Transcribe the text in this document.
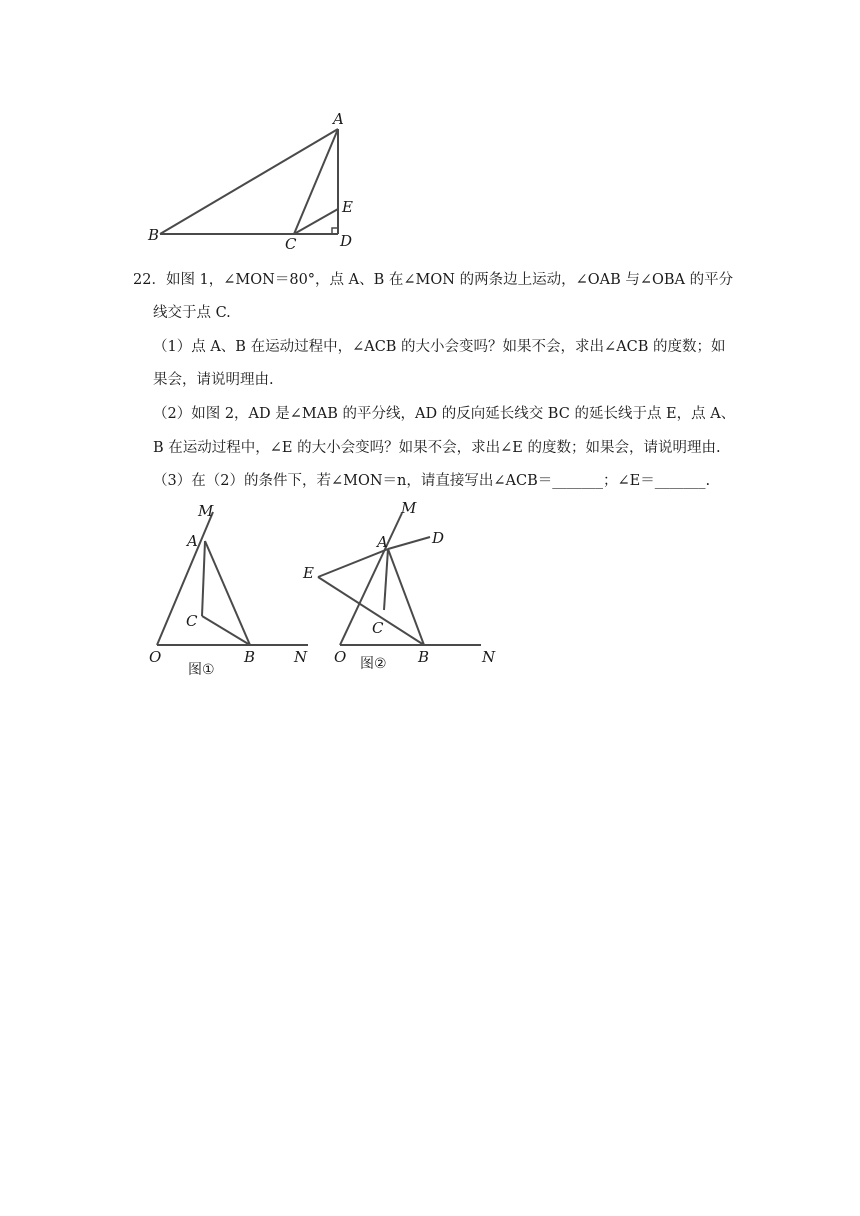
A
B	C	D
E
22．如图 1，∠MON＝80°，点 A、B 在∠MON 的两条边上运动，∠OAB 与∠OBA 的平分
线交于点 C.
（1）点 A、B 在运动过程中，∠ACB 的大小会变吗？如果不会，求出∠ACB 的度数；如
果会，请说明理由.
（2）如图 2，AD 是∠MAB 的平分线，AD 的反向延长线交 BC 的延长线于点 E，点 A、
B 在运动过程中，∠E 的大小会变吗？如果不会，求出∠E 的度数；如果会，请说明理由.
（3）在（2）的条件下，若∠MON＝n，请直接写出∠ACB＝_______；∠E＝_______.
M
A
C
O	B	N
图①
M
A	D
E
C
O	B	N
图②
